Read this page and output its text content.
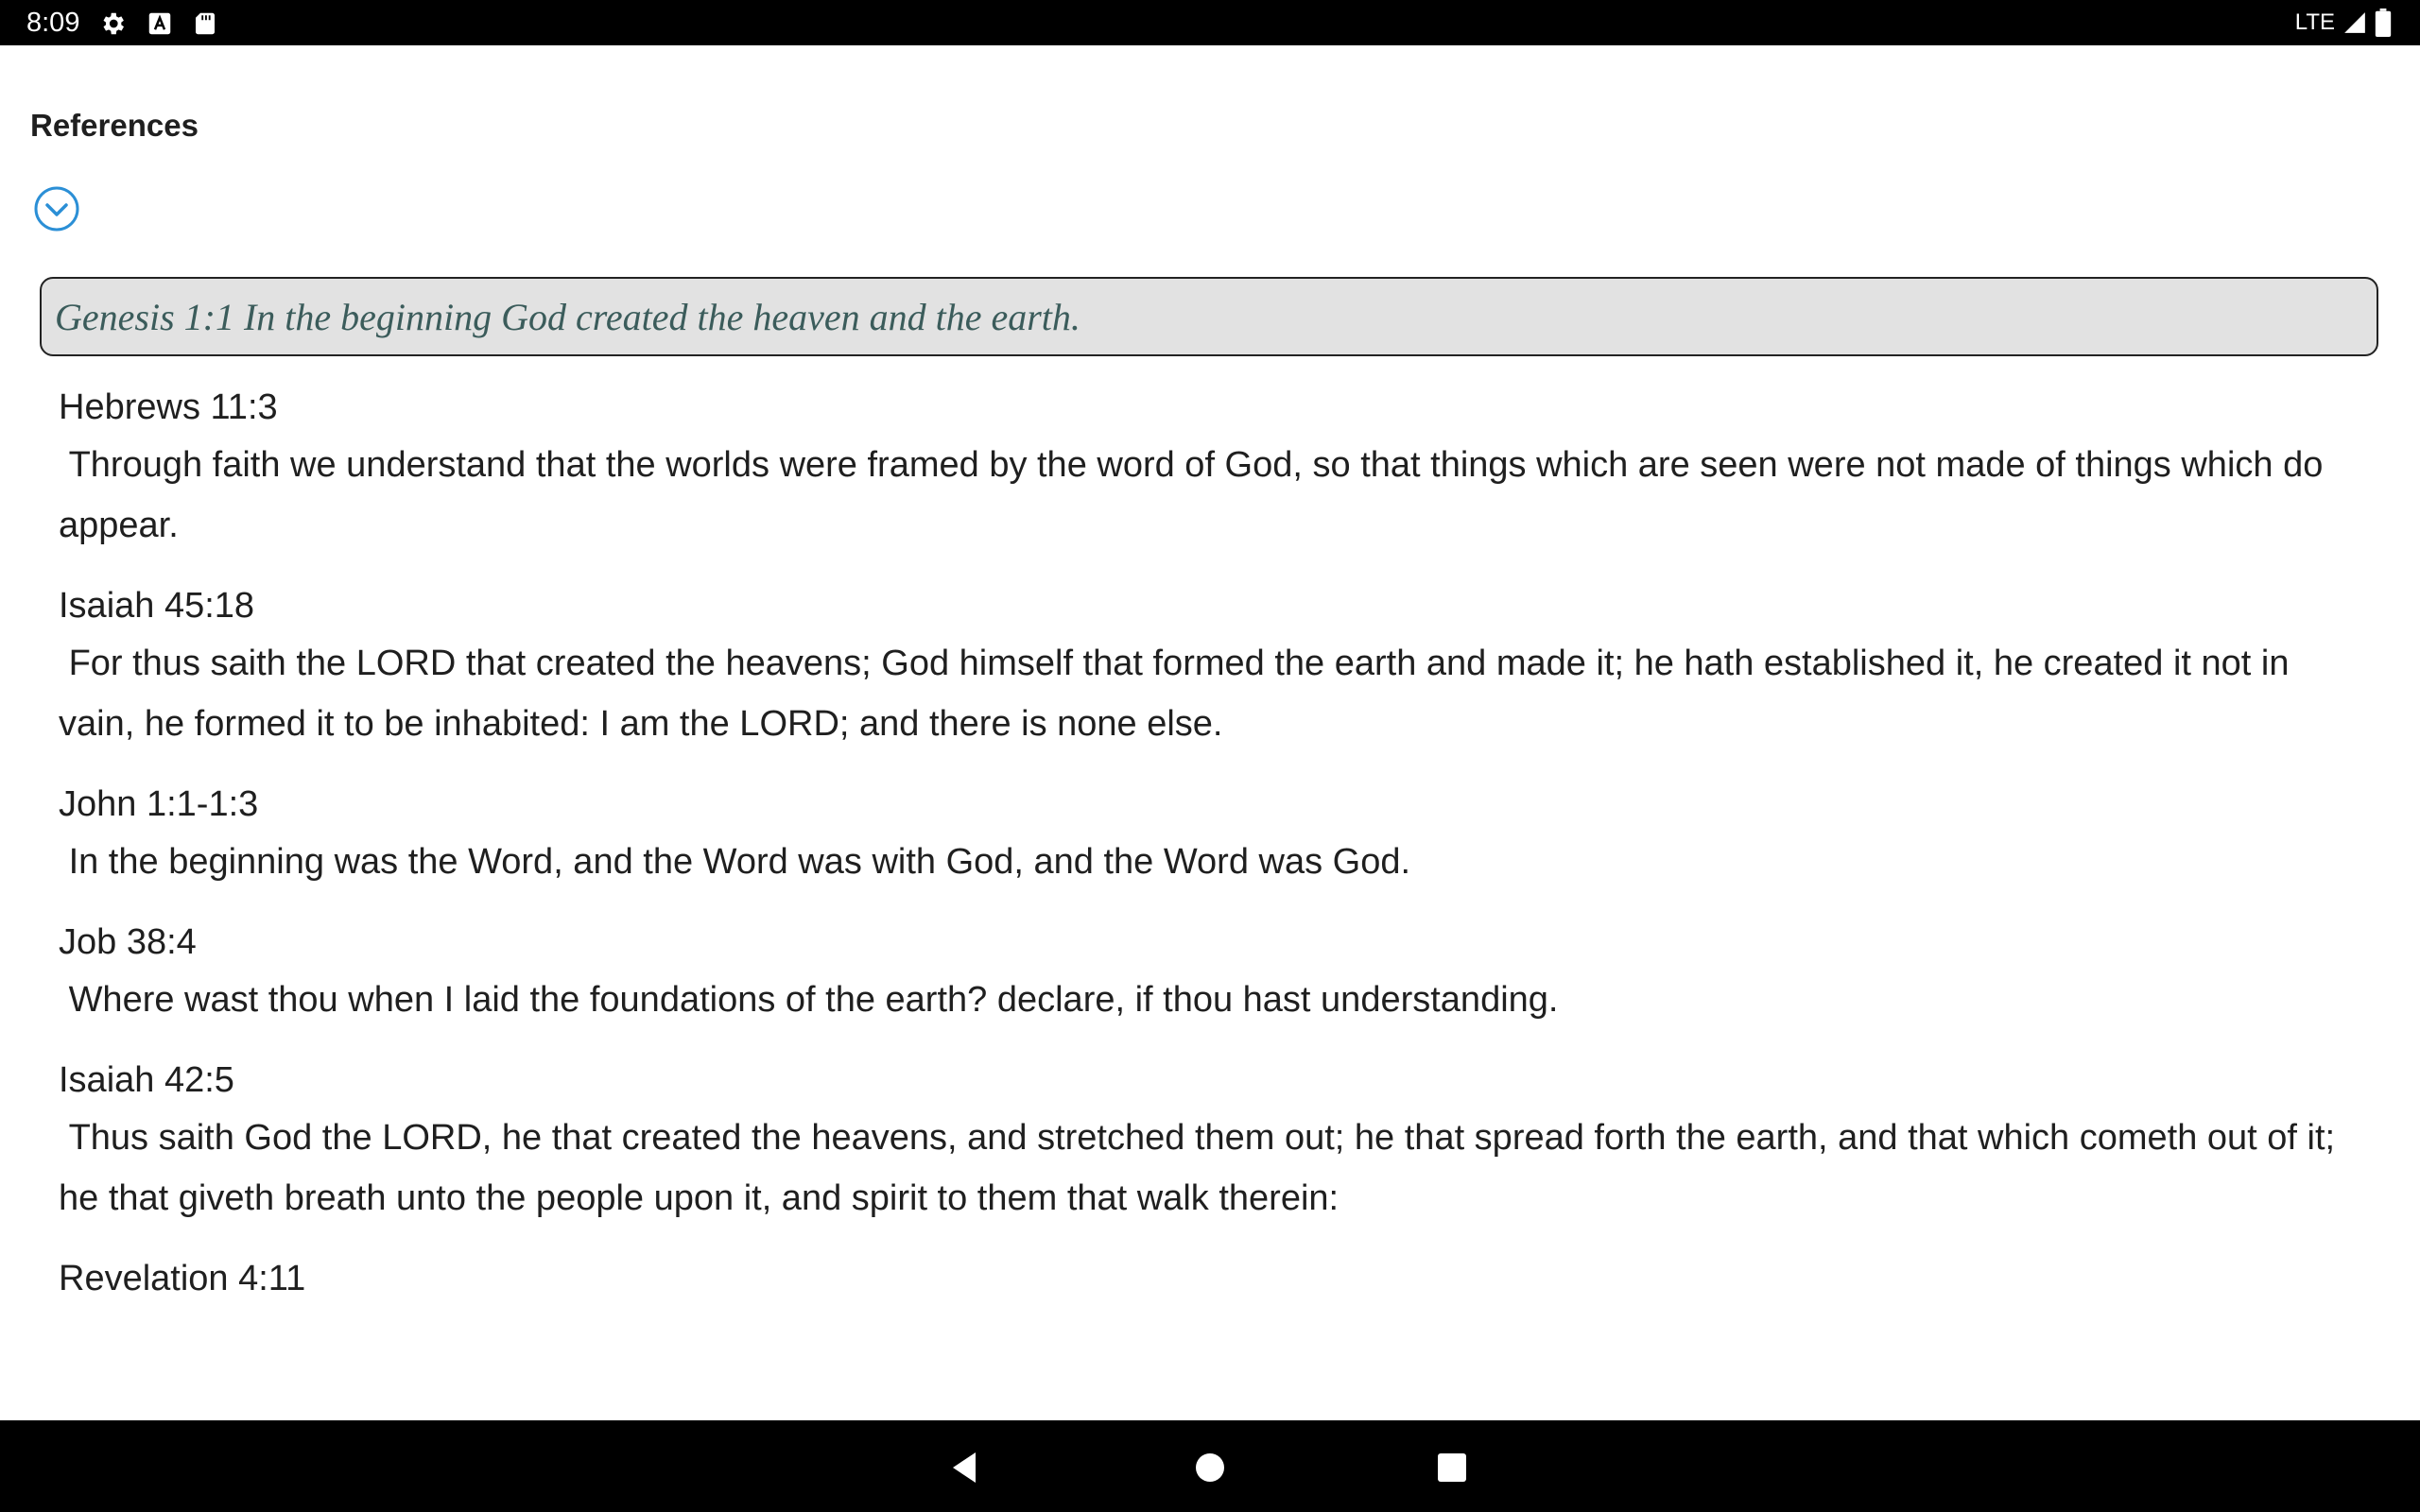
8:09	LTE
References
Genesis 1:1 In the beginning God created the heaven and the earth.
Hebrews 11:3
Through faith we understand that the worlds were framed by the word of God, so that things which are seen were not made of things which do appear.
Isaiah 45:18
For thus saith the LORD that created the heavens; God himself that formed the earth and made it; he hath established it, he created it not in vain, he formed it to be inhabited: I am the LORD; and there is none else.
John 1:1-1:3
In the beginning was the Word, and the Word was with God, and the Word was God.
Job 38:4
Where wast thou when I laid the foundations of the earth? declare, if thou hast understanding.
Isaiah 42:5
Thus saith God the LORD, he that created the heavens, and stretched them out; he that spread forth the earth, and that which cometh out of it; he that giveth breath unto the people upon it, and spirit to them that walk therein:
Revelation 4:11
